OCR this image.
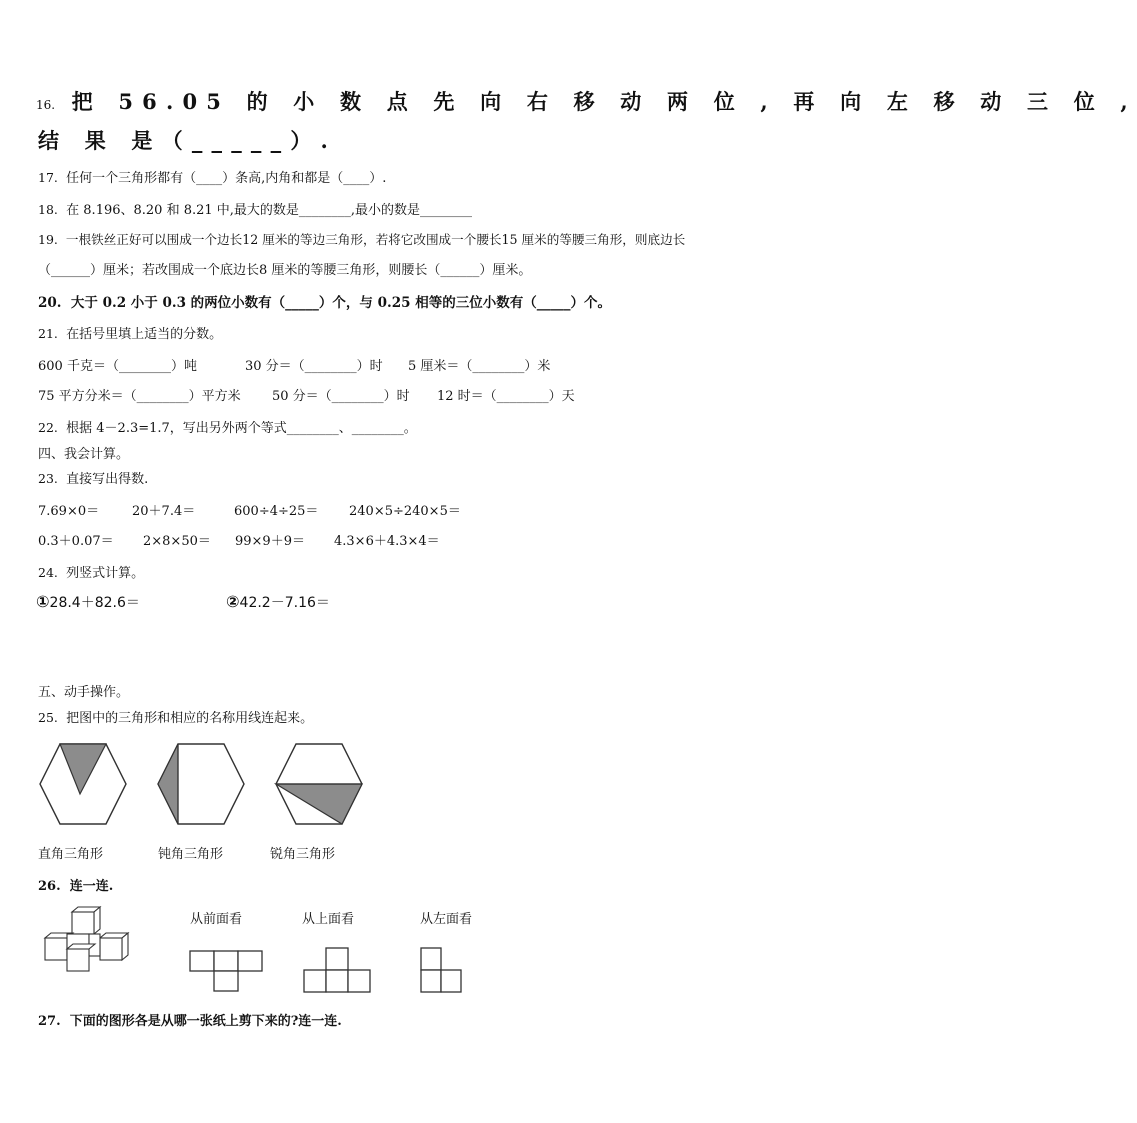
16. 把 56.05 的 小 数 点 先 向 右 移 动 两 位 , 再 向 左 移 动 三 位 ,
结 果 是（_____）.
17. 任何一个三角形都有（____）条高,内角和都是（____）.
18. 在 8.196、8.20 和 8.21 中,最大的数是________,最小的数是________
19. 一根铁丝正好可以围成一个边长12 厘米的等边三角形，若将它改围成一个腰长15 厘米的等腰三角形，则底边长
（______）厘米；若改围成一个底边长8 厘米的等腰三角形，则腰长（______）厘米。
20. 大于 0.2 小于 0.3 的两位小数有（_____）个，与 0.25 相等的三位小数有（_____）个。
21. 在括号里填上适当的分数。
600 千克＝（________）吨	30 分＝（________）时 5 厘米＝（________）米
75 平方分米＝（________）平方米 50 分＝（________）时 12 时＝（________）天
22. 根据 4－2.3=1.7，写出另外两个等式________、________。
四、我会计算。
23. 直接写出得数.
7.69×0＝	20＋7.4＝	600÷4÷25＝ 240×5÷240×5＝
0.3＋0.07＝ 2×8×50＝ 99×9＋9＝ 4.3×6＋4.3×4＝
24. 列竖式计算。
①28.4＋82.6＝	②42.2－7.16＝
五、动手操作。
25. 把图中的三角形和相应的名称用线连起来。
直角三角形	钝角三角形	锐角三角形
26. 连一连.
从前面看	从上面看	从左面看
27. 下面的图形各是从哪一张纸上剪下来的?连一连.
